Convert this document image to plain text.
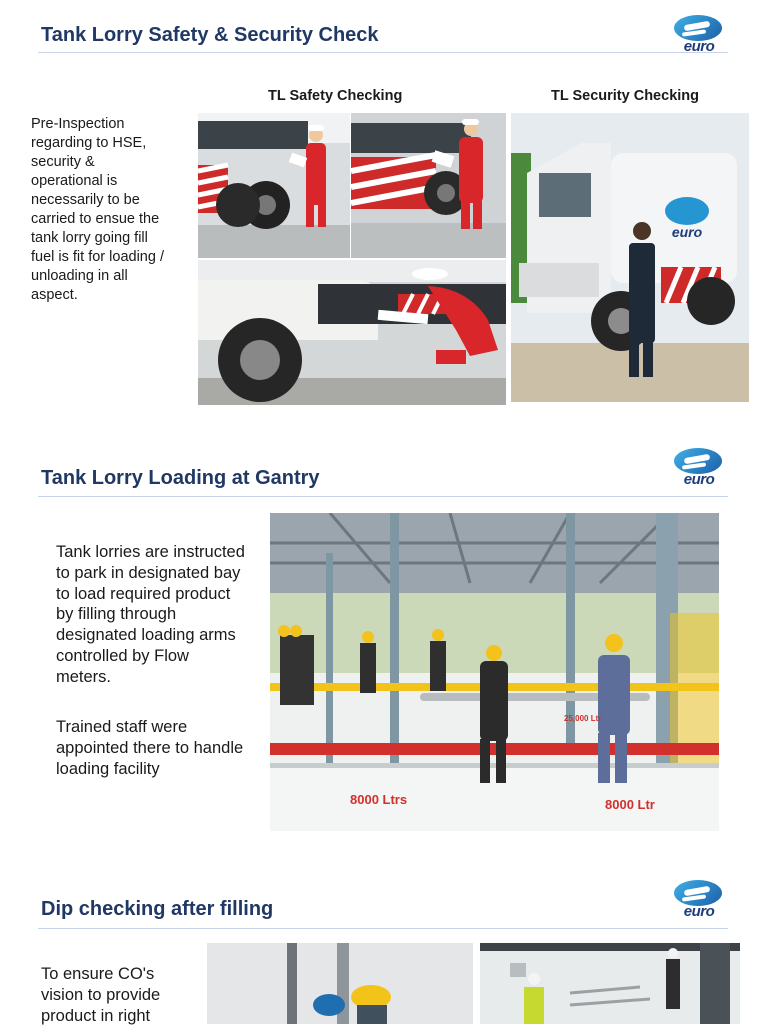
Tank Lorry Safety & Security Check
euro
TL Safety Checking	TL Security Checking

Pre-Inspection regarding to HSE, security & operational is necessarily to be carried to ensue the tank lorry going fill fuel is fit for loading / unloading in all aspect.

euro
Tank Lorry Loading at Gantry	euro

Tank lorries are instructed to park in designated bay to load required product by filling through designated loading arms controlled by Flow meters.

Trained staff were appointed there to handle loading facility

8000 Ltrs	8000 Ltr
25,000 Ltr
Dip checking after filling	euro

To ensure CO's vision to provide product in right
